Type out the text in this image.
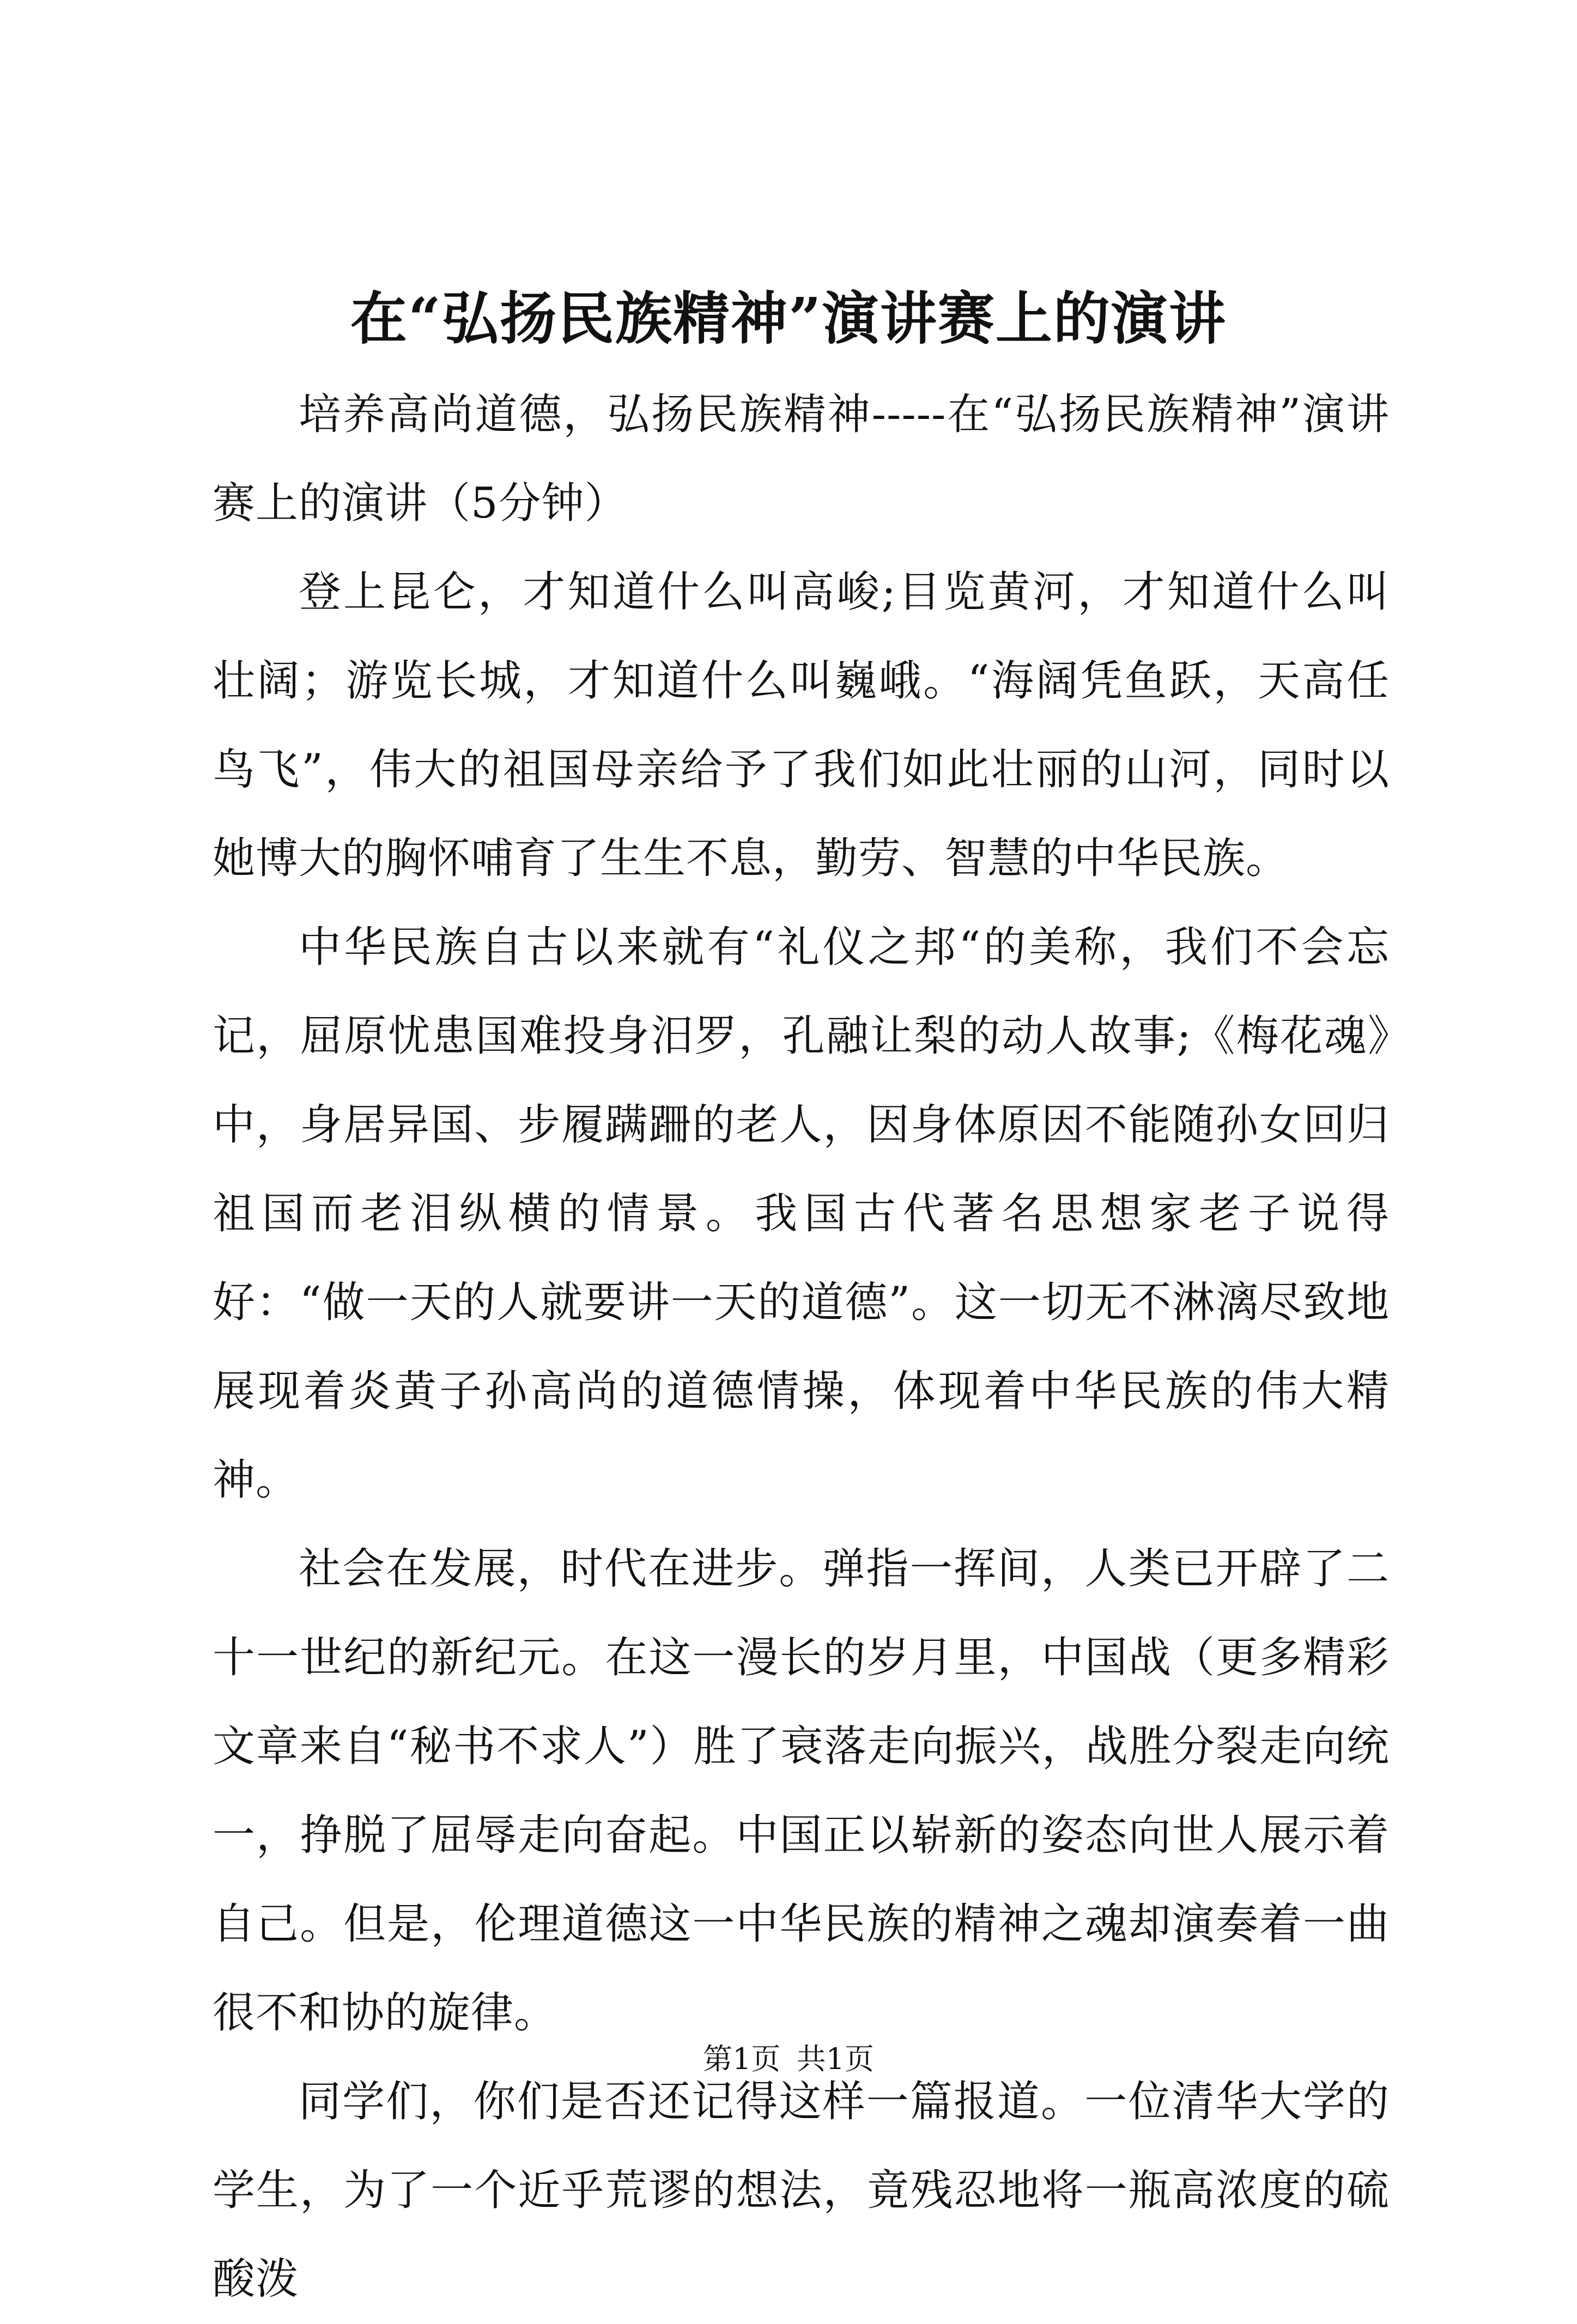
在“弘扬民族精神”演讲赛上的演讲

培养高尚道德，弘扬民族精神-----在“弘扬民族精神”演讲赛上的演讲（5分钟）

登上昆仑，才知道什么叫高峻;目览黄河，才知道什么叫壮阔；游览长城，才知道什么叫巍峨。“海阔凭鱼跃，天高任鸟飞”，伟大的祖国母亲给予了我们如此壮丽的山河，同时以她博大的胸怀哺育了生生不息，勤劳、智慧的中华民族。

中华民族自古以来就有“礼仪之邦“的美称，我们不会忘记，屈原忧患国难投身汨罗，孔融让梨的动人故事;《梅花魂》中，身居异国、步履蹒跚的老人，因身体原因不能随孙女回归祖国而老泪纵横的情景。我国古代著名思想家老子说得好：“做一天的人就要讲一天的道德”。这一切无不淋漓尽致地展现着炎黄子孙高尚的道德情操，体现着中华民族的伟大精神。

社会在发展，时代在进步。弹指一挥间，人类已开辟了二十一世纪的新纪元。在这一漫长的岁月里，中国战（更多精彩文章来自“秘书不求人”）胜了衰落走向振兴，战胜分裂走向统一，挣脱了屈辱走向奋起。中国正以崭新的姿态向世人展示着自己。但是，伦理道德这一中华民族的精神之魂却演奏着一曲很不和协的旋律。

同学们，你们是否还记得这样一篇报道。一位清华大学的学生，为了一个近乎荒谬的想法，竟残忍地将一瓶高浓度的硫酸泼

第1页 共1页
